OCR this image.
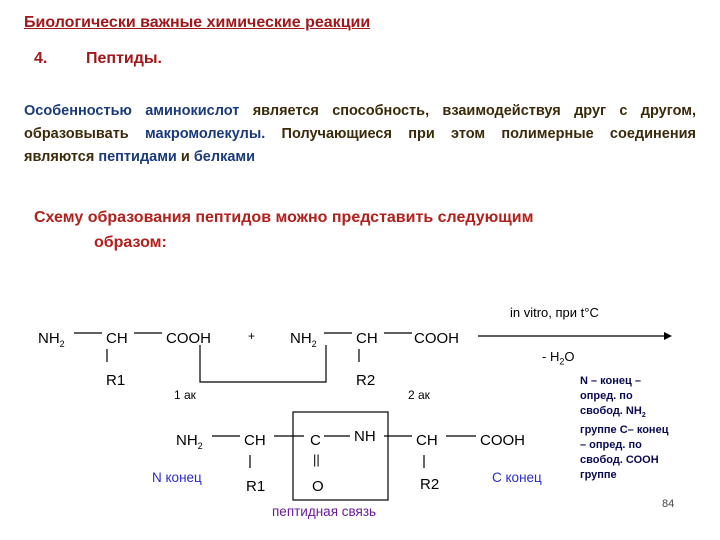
Биологически важные химические реакции
4. Пептиды.
Особенностью аминокислот является способность, взаимодействуя друг с другом, образовывать макромолекулы. Получающиеся при этом полимерные соединения являются пептидами и белками
Схему образования пептидов можно представить следующим
образом:
$NH_2$	CH	COOH	+ $NH_2$	CH COOH
R1	R2
1 ак	2 ак
in vitro, при t°C
- $H_2O$
$NH_2$	CH	C NH	CH	COOH
R1	O	R2
||
N конец	С конец
пептидная связь
N – конец – опред. по свобод. $NH_2$ группе С– конец – опред. по свобод. СООН группе
84
